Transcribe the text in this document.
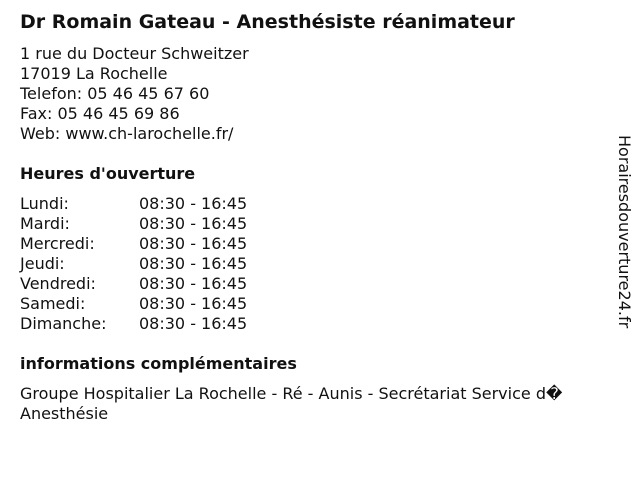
Dr Romain Gateau - Anesthésiste réanimateur
1 rue du Docteur Schweitzer
17019 La Rochelle
Telefon: 05 46 45 67 60
Fax: 05 46 45 69 86
Web: www.ch-larochelle.fr/
Heures d'ouverture
Lundi:	08:30 - 16:45
Mardi:	08:30 - 16:45
Mercredi:	08:30 - 16:45
Jeudi:	08:30 - 16:45
Vendredi:	08:30 - 16:45
Samedi:	08:30 - 16:45
Dimanche: 08:30 - 16:45
informations complémentaires
Groupe Hospitalier La Rochelle - Ré - Aunis - Secrétariat Service d� Anesthésie
Horairesdouverture24.fr
